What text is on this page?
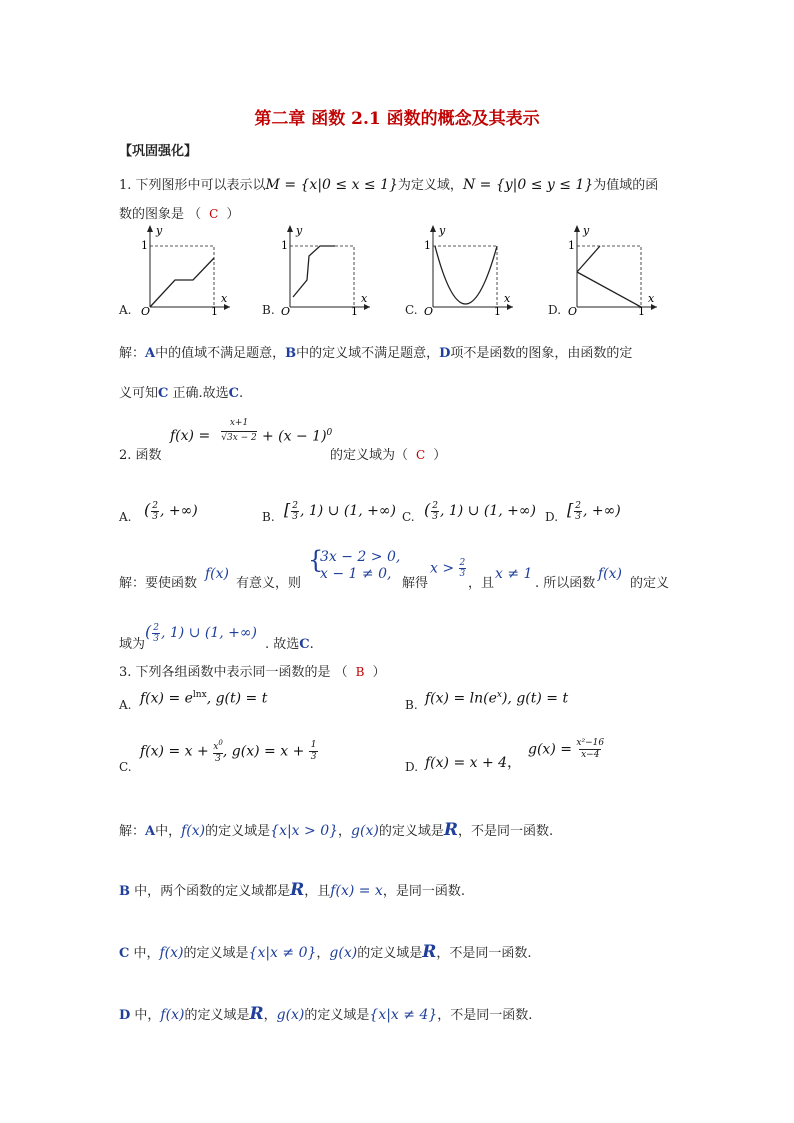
第二章 函数 2.1 函数的概念及其表示
【巩固强化】
1. 下列图形中可以表示以M = {x|0 ≤ x ≤ 1}为定义域，N = {y|0 ≤ y ≤ 1}为值域的函
数的图象是 （ C ）
y
1
O	1
x
A.
y
1
O	1
x
B.
y
1
O	1
x
C.
y
1
O	1
x
D.
解：A中的值域不满足题意，B中的定义域不满足题意，D项不是函数的图象，由函数的定
义可知C 正确.故选C.
2. 函数
f(x) =
x+1
$√3x - 2 + (x - 1)^0$
的定义域为（ C ）
A. ($\frac{2}{3}$, +∞)	B. [$\frac{2}{3}$, 1) ∪ (1, +∞) C. ($\frac{2}{3}$, 1) ∪ (1, +∞) D. [$\frac{2}{3}$, +∞)
解：要使函数
f(x)
有意义，则
{
3x − 2 > 0,
x − 1 ≠ 0,
解得
$x > \frac{2}{3}$
，且
x ≠ 1
. 所以函数
f(x)
的定义
域为
($\frac{2}{3}$, 1) ∪ (1, +∞)
. 故选C.
3. 下列各组函数中表示同一函数的是 （ B ）
A. $f(x) = e^{lnx}$, g(t) = t	B. $f(x) = \ln(e^x)$, g(t) = t
C.
$f(x) = x + x^0$
3 , $g(x) = x + \frac{1}{3}$
D. f(x) = x + 4，
$g(x) = \frac{\text{x²−16}}{x-4}$
解：A中，f(x)的定义域是{x|x > 0}，g(x)的定义域是R，不是同一函数.
B 中，两个函数的定义域都是R，且f(x) = x，是同一函数.
C 中，f(x)的定义域是{x|x ≠ 0}，g(x)的定义域是R，不是同一函数.
D 中，f(x)的定义域是R，g(x)的定义域是{x|x ≠ 4}，不是同一函数.
